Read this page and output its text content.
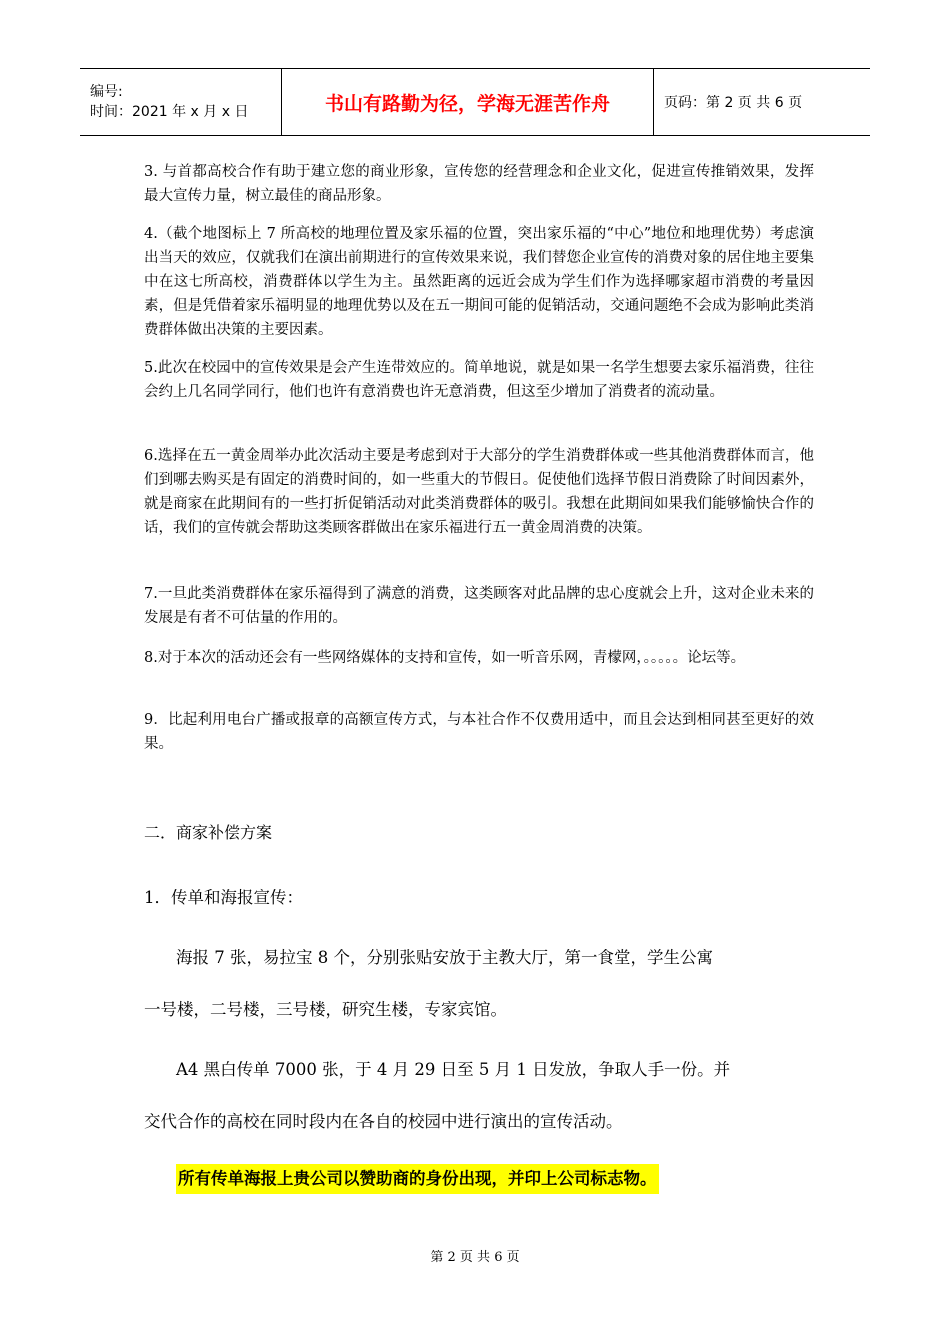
编号:
时间：2021 年 x 月 x 日	书山有路勤为径，学海无涯苦作舟	页码：第 2 页 共 6 页

3. 与首都高校合作有助于建立您的商业形象，宣传您的经营理念和企业文化，促进宣传推销效果，发挥最大宣传力量，树立最佳的商品形象。

4.（截个地图标上 7 所高校的地理位置及家乐福的位置，突出家乐福的“中心”地位和地理优势）考虑演出当天的效应，仅就我们在演出前期进行的宣传效果来说，我们替您企业宣传的消费对象的居住地主要集中在这七所高校，消费群体以学生为主。虽然距离的远近会成为学生们作为选择哪家超市消费的考量因素，但是凭借着家乐福明显的地理优势以及在五一期间可能的促销活动，交通问题绝不会成为影响此类消费群体做出决策的主要因素。

5.此次在校园中的宣传效果是会产生连带效应的。简单地说，就是如果一名学生想要去家乐福消费，往往会约上几名同学同行，他们也许有意消费也许无意消费，但这至少增加了消费者的流动量。

6.选择在五一黄金周举办此次活动主要是考虑到对于大部分的学生消费群体或一些其他消费群体而言，他们到哪去购买是有固定的消费时间的，如一些重大的节假日。促使他们选择节假日消费除了时间因素外，就是商家在此期间有的一些打折促销活动对此类消费群体的吸引。我想在此期间如果我们能够愉快合作的话，我们的宣传就会帮助这类顾客群做出在家乐福进行五一黄金周消费的决策。

7.一旦此类消费群体在家乐福得到了满意的消费，这类顾客对此品牌的忠心度就会上升，这对企业未来的发展是有者不可估量的作用的。

8.对于本次的活动还会有一些网络媒体的支持和宣传，如一听音乐网，青檬网，。。。。。论坛等。

9．比起利用电台广播或报章的高额宣传方式，与本社合作不仅费用适中，而且会达到相同甚至更好的效果。

二．商家补偿方案

1．传单和海报宣传：

海报 7 张，易拉宝 8 个，分别张贴安放于主教大厅，第一食堂，学生公寓

一号楼，二号楼，三号楼，研究生楼，专家宾馆。

A4 黑白传单 7000 张，于 4 月 29 日至 5 月 1 日发放，争取人手一份。并

交代合作的高校在同时段内在各自的校园中进行演出的宣传活动。

所有传单海报上贵公司以赞助商的身份出现，并印上公司标志物。
第 2 页 共 6 页
